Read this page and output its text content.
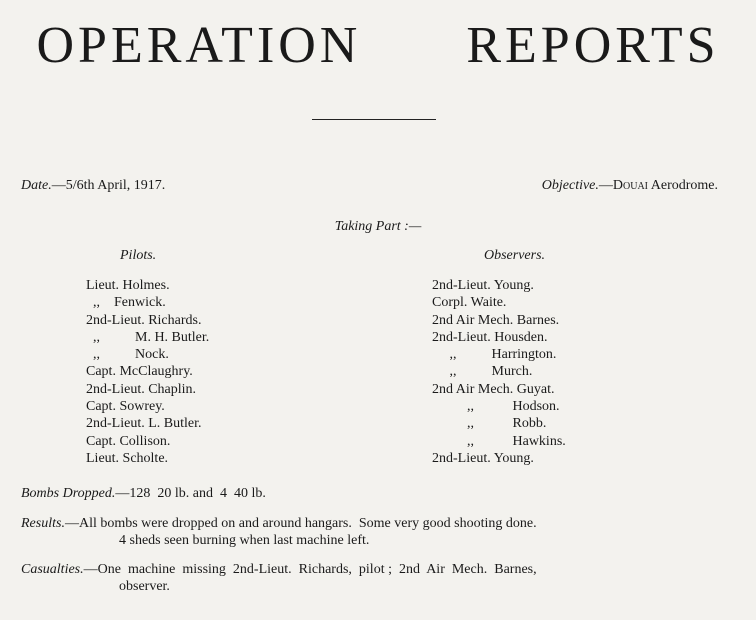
OPERATION   REPORTS
Date.—5/6th April, 1917.	Objective.—Douai Aerodrome.
Taking Part :—
Pilots.	Observers.
Lieut. Holmes.
,,    Fenwick.
2nd-Lieut. Richards.
,,          M. H. Butler.
,,          Nock.
Capt. McClaughry.
2nd-Lieut. Chaplin.
Capt. Sowrey.
2nd-Lieut. L. Butler.
Capt. Collison.
Lieut. Scholte.
2nd-Lieut. Young.
Corpl. Waite.
2nd Air Mech. Barnes.
2nd-Lieut. Housden.
,,          Harrington.
,,          Murch.
2nd Air Mech. Guyat.
,,           Hodson.
,,           Robb.
,,           Hawkins.
2nd-Lieut. Young.
Bombs Dropped.—128  20 lb. and  4  40 lb.
Results.—All bombs were dropped on and around hangars.  Some very good shooting done.
4 sheds seen burning when last machine left.
Casualties.—One  machine  missing  2nd-Lieut.  Richards,  pilot ;  2nd  Air  Mech.  Barnes,
observer.
